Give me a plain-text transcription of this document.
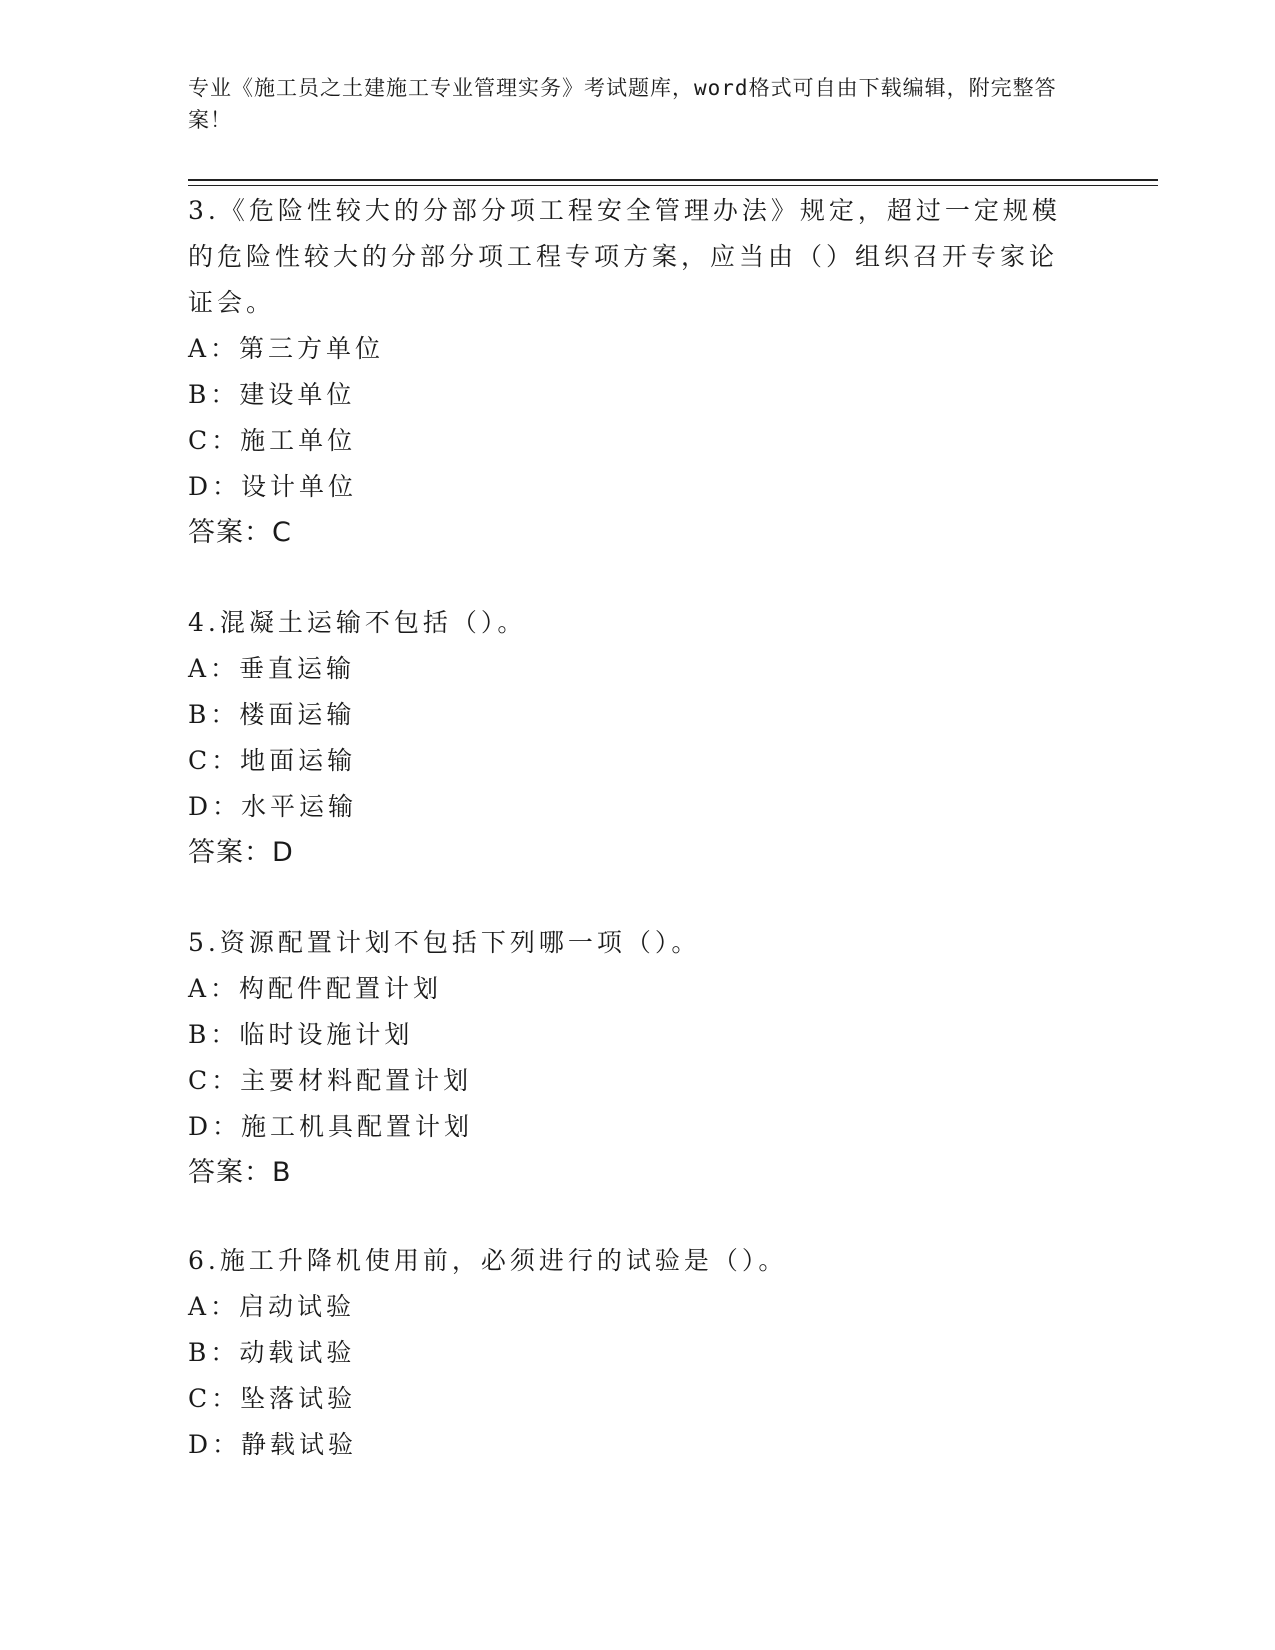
专业《施工员之土建施工专业管理实务》考试题库，word格式可自由下载编辑，附完整答案！
3.《危险性较大的分部分项工程安全管理办法》规定，超过一定规模的危险性较大的分部分项工程专项方案，应当由（）组织召开专家论证会。
A：第三方单位
B：建设单位
C：施工单位
D：设计单位
答案：C
4.混凝土运输不包括（）。
A：垂直运输
B：楼面运输
C：地面运输
D：水平运输
答案：D
5.资源配置计划不包括下列哪一项（）。
A：构配件配置计划
B：临时设施计划
C：主要材料配置计划
D：施工机具配置计划
答案：B
6.施工升降机使用前，必须进行的试验是（）。
A：启动试验
B：动载试验
C：坠落试验
D：静载试验
